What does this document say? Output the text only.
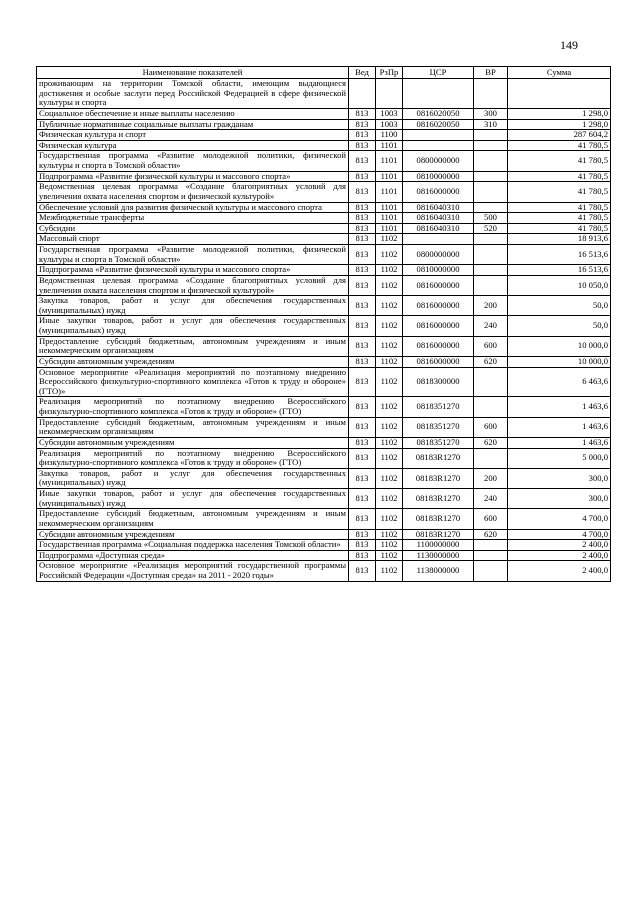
149
Наименование показателей	Вед	РзПр	ЦСР	ВР	Сумма
проживающим на территории Томской области, имеющим выдающиеся достижения и особые заслуги перед Российской Федерацией в сфере физической культуры и спорта					
Социальное обеспечение и иные выплаты населению	813	1003	0816020050	300	1 298,0
Публичные нормативные социальные выплаты гражданам	813	1003	0816020050	310	1 298,0
Физическая культура и спорт	813	1100			287 604,2
Физическая культура	813	1101			41 780,5
Государственная программа «Развитие молодежной политики, физической культуры и спорта в Томской области»	813	1101	0800000000		41 780,5
Подпрограмма «Развитие физической культуры и массового спорта»	813	1101	0810000000		41 780,5
Ведомственная целевая программа «Создание благоприятных условий для увеличения охвата населения спортом и физической культурой»	813	1101	0816000000		41 780,5
Обеспечение условий для развития физической культуры и массового спорта	813	1101	0816040310		41 780,5
Межбюджетные трансферты	813	1101	0816040310	500	41 780,5
Субсидии	813	1101	0816040310	520	41 780,5
Массовый спорт	813	1102			18 913,6
Государственная программа «Развитие молодежной политики, физической культуры и спорта в Томской области»	813	1102	0800000000		16 513,6
Подпрограмма «Развитие физической культуры и массового спорта»	813	1102	0810000000		16 513,6
Ведомственная целевая программа «Создание благоприятных условий для увеличения охвата населения спортом и физической культурой»	813	1102	0816000000		10 050,0
Закупка товаров, работ и услуг для обеспечения государственных (муниципальных) нужд	813	1102	0816000000	200	50,0
Иные закупки товаров, работ и услуг для обеспечения государственных (муниципальных) нужд	813	1102	0816000000	240	50,0
Предоставление субсидий бюджетным, автономным учреждениям и иным некоммерческим организациям	813	1102	0816000000	600	10 000,0
Субсидии автономным учреждениям	813	1102	0816000000	620	10 000,0
Основное мероприятие «Реализация мероприятий по поэтапному внедрению Всероссийского физкультурно-спортивного комплекса «Готов к труду и обороне» (ГТО)»	813	1102	0818300000		6 463,6
Реализация мероприятий по поэтапному внедрению Всероссийского физкультурно-спортивного комплекса «Готов к труду и обороне» (ГТО)	813	1102	0818351270		1 463,6
Предоставление субсидий бюджетным, автономным учреждениям и иным некоммерческим организациям	813	1102	0818351270	600	1 463,6
Субсидии автономным учреждениям	813	1102	0818351270	620	1 463,6
Реализация мероприятий по поэтапному внедрению Всероссийского физкультурно-спортивного комплекса «Готов к труду и обороне» (ГТО)	813	1102	08183R1270		5 000,0
Закупка товаров, работ и услуг для обеспечения государственных (муниципальных) нужд	813	1102	08183R1270	200	300,0
Иные закупки товаров, работ и услуг для обеспечения государственных (муниципальных) нужд	813	1102	08183R1270	240	300,0
Предоставление субсидий бюджетным, автономным учреждениям и иным некоммерческим организациям	813	1102	08183R1270	600	4 700,0
Субсидии автономным учреждениям	813	1102	08183R1270	620	4 700,0
Государственная программа «Социальная поддержка населения Томской области»	813	1102	1100000000		2 400,0
Подпрограмма «Доступная среда»	813	1102	1130000000		2 400,0
Основное мероприятие «Реализация мероприятий государственной программы Российской Федерации «Доступная среда» на 2011 - 2020 годы»	813	1102	1138000000		2 400,0
